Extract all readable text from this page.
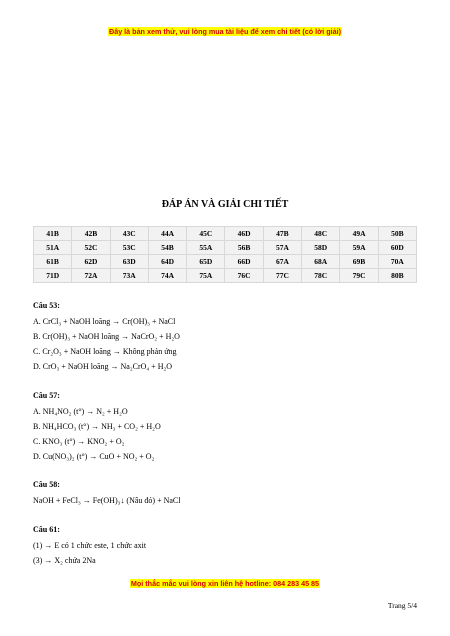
Đây là bản xem thử, vui lòng mua tài liệu để xem chi tiết (có lời giải)
ĐÁP ÁN VÀ GIẢI CHI TIẾT
41B	42B	43C	44A	45C	46D	47B	48C	49A	50B
51A	52C	53C	54B	55A	56B	57A	58D	59A	60D
61B	62D	63D	64D	65D	66D	67A	68A	69B	70A
71D	72A	73A	74A	75A	76C	77C	78C	79C	80B
Câu 53:
A. CrCl₃ + NaOH loãng → Cr(OH)₃ + NaCl
B. Cr(OH)₃ + NaOH loãng → NaCrO₂ + H₂O
C. Cr₂O₃ + NaOH loãng → Không phản ứng
D. CrO₃ + NaOH loãng → Na₂CrO₄ + H₂O
Câu 57:
A. NH₄NO₂ (t°) → N₂ + H₂O
B. NH₄HCO₃ (t°) → NH₃ + CO₂ + H₂O
C. KNO₃ (t°) → KNO₂ + O₂
D. Cu(NO₃)₂ (t°) → CuO + NO₂ + O₂
Câu 58:
NaOH + FeCl₃ → Fe(OH)₃↓ (Nâu đỏ) + NaCl
Câu 61:
(1) → E có 1 chức este, 1 chức axit
(3) → X₂ chứa 2Na
Mọi thắc mắc vui lòng xin liên hệ hotline: 084 283 45 85
Trang 5/4
